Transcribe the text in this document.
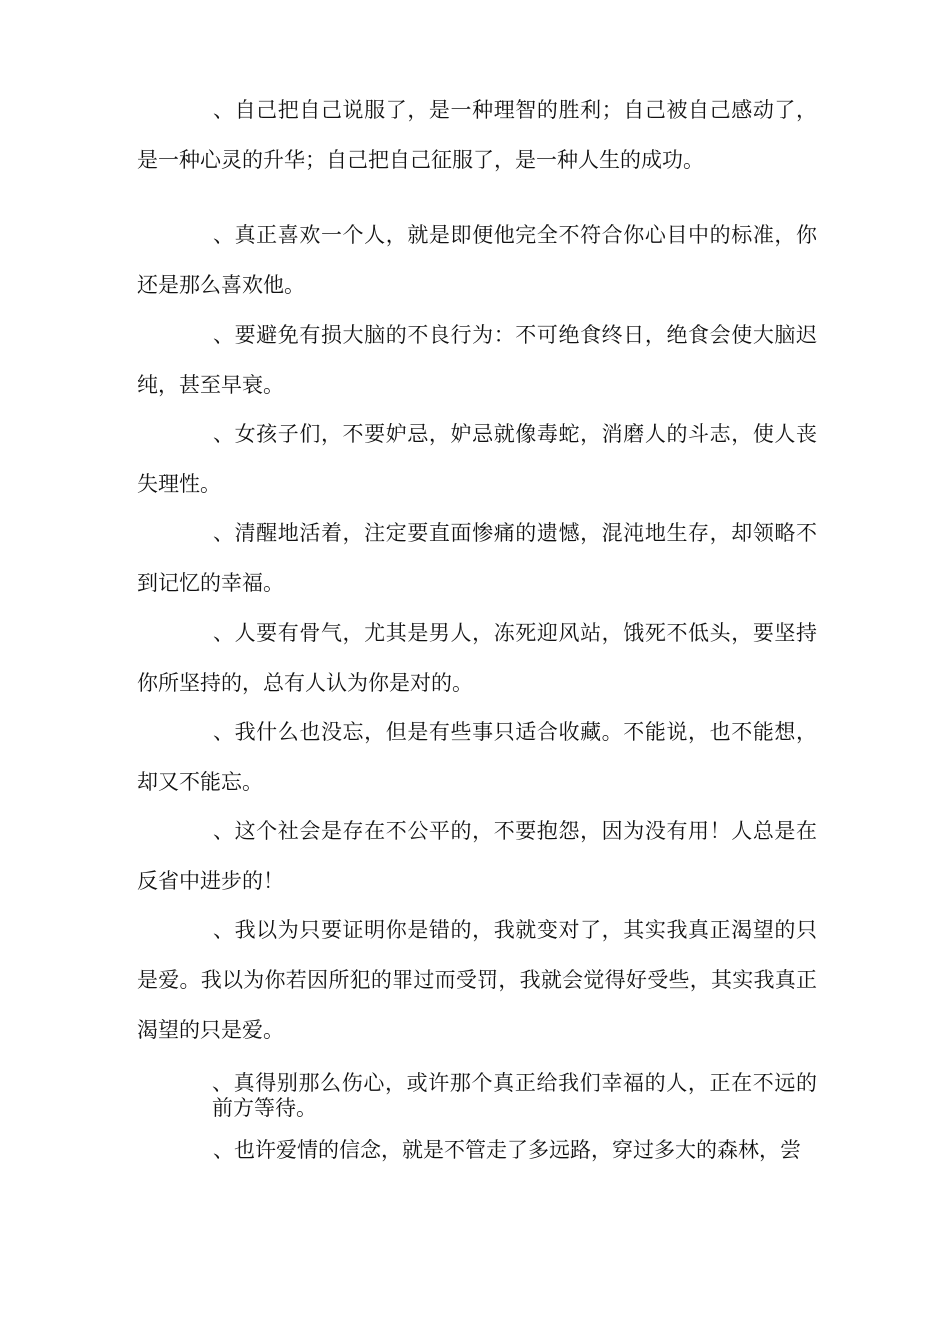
、自己把自己说服了，是一种理智的胜利；自己被自己感动了，是一种心灵的升华；自己把自己征服了，是一种人生的成功。

、真正喜欢一个人，就是即便他完全不符合你心目中的标准，你还是那么喜欢他。

、要避免有损大脑的不良行为：不可绝食终日，绝食会使大脑迟纯，甚至早衰。

、女孩子们，不要妒忌，妒忌就像毒蛇，消磨人的斗志，使人丧失理性。

、清醒地活着，注定要直面惨痛的遗憾，混沌地生存，却领略不到记忆的幸福。

、人要有骨气，尤其是男人，冻死迎风站，饿死不低头，要坚持你所坚持的，总有人认为你是对的。

、我什么也没忘，但是有些事只适合收藏。不能说，也不能想，却又不能忘。

、这个社会是存在不公平的，不要抱怨，因为没有用！人总是在反省中进步的！

、我以为只要证明你是错的，我就变对了，其实我真正渴望的只是爱。我以为你若因所犯的罪过而受罚，我就会觉得好受些，其实我真正渴望的只是爱。

、真得别那么伤心，或许那个真正给我们幸福的人，正在不远的前方等待。

、也许爱情的信念，就是不管走了多远路，穿过多大的森林，尝
